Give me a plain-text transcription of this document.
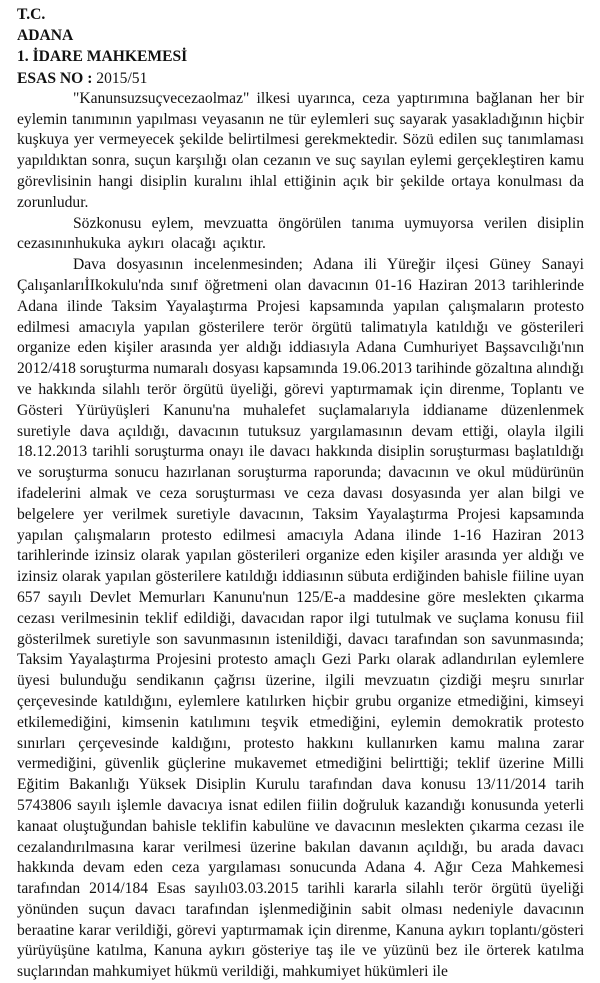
T.C.
ADANA
1. İDARE MAHKEMESİ
ESAS NO : 2015/51

"Kanunsuzsuçvecezaolmaz" ilkesi uyarınca, ceza yaptırımına bağlanan her bir eylemin tanımının yapılması veyasanın ne tür eylemleri suç sayarak yasakladığının hiçbir kuşkuya yer vermeyecek şekilde belirtilmesi gerekmektedir. Sözü edilen suç tanımlaması yapıldıktan sonra, suçun karşılığı olan cezanın ve suç sayılan eylemi gerçekleştiren kamu görevlisinin hangi disiplin kuralını ihlal ettiğinin açık bir şekilde ortaya konulması da zorunludur.

Sözkonusu eylem, mevzuatta öngörülen tanıma uymuyorsa verilen disiplin cezasınınhukuka aykırı olacağı açıktır.

Dava dosyasının incelenmesinden; Adana ili Yüreğir ilçesi Güney Sanayi ÇalışanlarıİIkokulu'nda sınıf öğretmeni olan davacının 01-16 Haziran 2013 tarihlerinde Adana ilinde Taksim Yayalaştırma Projesi kapsamında yapılan çalışmaların protesto edilmesi amacıyla yapılan gösterilere terör örgütü talimatıyla katıldığı ve gösterileri organize eden kişiler arasında yer aldığı iddiasıyla Adana Cumhuriyet Başsavcılığı'nın 2012/418 soruşturma numaralı dosyası kapsamında 19.06.2013 tarihinde gözaltına alındığı ve hakkında silahlı terör örgütü üyeliği, görevi yaptırmamak için direnme, Toplantı ve Gösteri Yürüyüşleri Kanunu'na muhalefet suçlamalarıyla iddianame düzenlenmek suretiyle dava açıldığı, davacının tutuksuz yargılamasının devam ettiği, olayla ilgili 18.12.2013 tarihli soruşturma onayı ile davacı hakkında disiplin soruşturması başlatıldığı ve soruşturma sonucu hazırlanan soruşturma raporunda; davacının ve okul müdürünün ifadelerini almak ve ceza soruşturması ve ceza davası dosyasında yer alan bilgi ve belgelere yer verilmek suretiyle davacının, Taksim Yayalaştırma Projesi kapsamında yapılan çalışmaların protesto edilmesi amacıyla Adana ilinde 1-16 Haziran 2013 tarihlerinde izinsiz olarak yapılan gösterileri organize eden kişiler arasında yer aldığı ve izinsiz olarak yapılan gösterilere katıldığı iddiasının sübuta erdiğinden bahisle fiiline uyan 657 sayılı Devlet Memurları Kanunu'nun 125/E-a maddesine göre meslekten çıkarma cezası verilmesinin teklif edildiği, davacıdan rapor ilgi tutulmak ve suçlama konusu fiil gösterilmek suretiyle son savunmasının istenildiği, davacı tarafından son savunmasında; Taksim Yayalaştırma Projesini protesto amaçlı Gezi Parkı olarak adlandırılan eylemlere üyesi bulunduğu sendikanın çağrısı üzerine, ilgili mevzuatın çizdiği meşru sınırlar çerçevesinde katıldığını, eylemlere katılırken hiçbir grubu organize etmediğini, kimseyi etkilemediğini, kimsenin katılımını teşvik etmediğini, eylemin demokratik protesto sınırları çerçevesinde kaldığını, protesto hakkını kullanırken kamu malına zarar vermediğini, güvenlik güçlerine mukavemet etmediğini belirttiği; teklif üzerine Milli Eğitim Bakanlığı Yüksek Disiplin Kurulu tarafından dava konusu 13/11/2014 tarih 5743806 sayılı işlemle davacıya isnat edilen fiilin doğruluk kazandığı konusunda yeterli kanaat oluştuğundan bahisle teklifin kabulüne ve davacının meslekten çıkarma cezası ile cezalandırılmasına karar verilmesi üzerine bakılan davanın açıldığı, bu arada davacı hakkında devam eden ceza yargılaması sonucunda Adana 4. Ağır Ceza Mahkemesi tarafından 2014/184 Esas sayılı03.03.2015 tarihli kararla silahlı terör örgütü üyeliği yönünden suçun davacı tarafından işlenmediğinin sabit olması nedeniyle davacının beraatine karar verildiği, görevi yaptırmamak için direnme, Kanuna aykırı toplantı/gösteri yürüyüşüne katılma, Kanuna aykırı gösteriye taş ile ve yüzünü bez ile örterek katılma suçlarından mahkumiyet hükmü verildiği, mahkumiyet hükümleri ile
